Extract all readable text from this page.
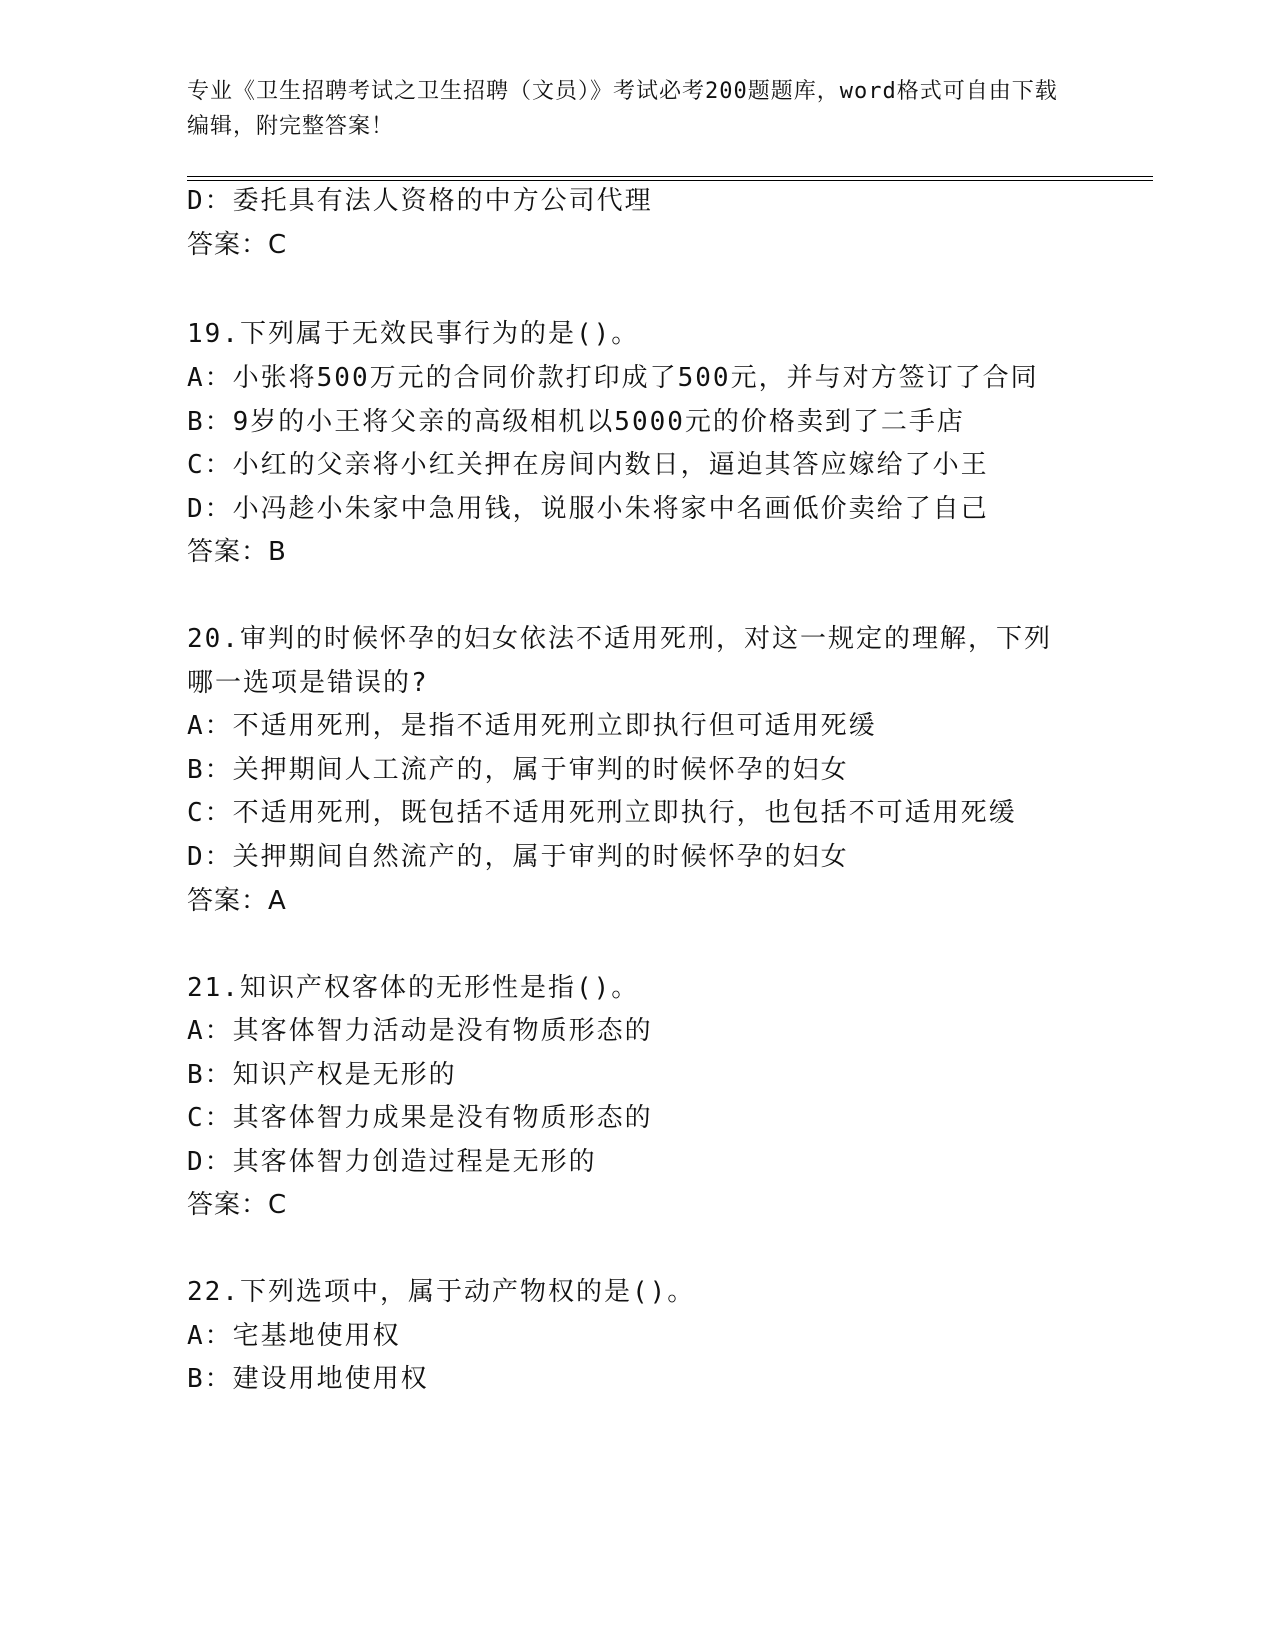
专业《卫生招聘考试之卫生招聘（文员）》考试必考200题题库，word格式可自由下载编辑，附完整答案！
D：委托具有法人资格的中方公司代理
答案：C
19.下列属于无效民事行为的是()。
A：小张将500万元的合同价款打印成了500元，并与对方签订了合同
B：9岁的小王将父亲的高级相机以5000元的价格卖到了二手店
C：小红的父亲将小红关押在房间内数日，逼迫其答应嫁给了小王
D：小冯趁小朱家中急用钱，说服小朱将家中名画低价卖给了自己
答案：B
20.审判的时候怀孕的妇女依法不适用死刑，对这一规定的理解，下列
哪一选项是错误的?
A：不适用死刑，是指不适用死刑立即执行但可适用死缓
B：关押期间人工流产的，属于审判的时候怀孕的妇女
C：不适用死刑，既包括不适用死刑立即执行，也包括不可适用死缓
D：关押期间自然流产的，属于审判的时候怀孕的妇女
答案：A
21.知识产权客体的无形性是指()。
A：其客体智力活动是没有物质形态的
B：知识产权是无形的
C：其客体智力成果是没有物质形态的
D：其客体智力创造过程是无形的
答案：C
22.下列选项中，属于动产物权的是()。
A：宅基地使用权
B：建设用地使用权
